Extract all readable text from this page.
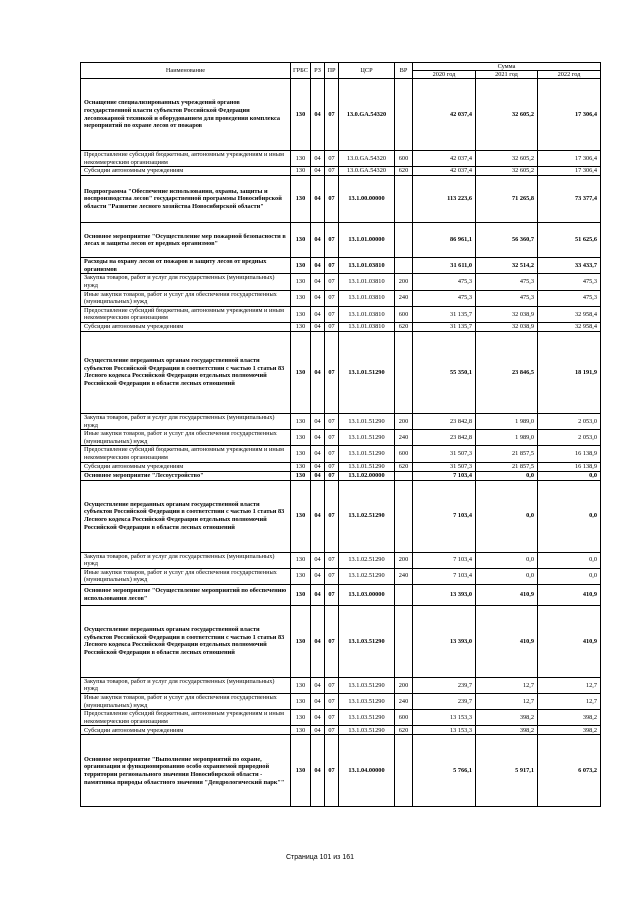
Наименование	ГРБС	РЗ	ПР	ЦСР	ВР	Сумма		
						2020 год	2021 год	2022 год
Оснащение специализированных учреждений органов государственной власти субъектов Российской Федерации лесопожарной техникой и оборудованием для проведения комплекса мероприятий по охране лесов от пожаров	130	04	07	13.0.GA.54320		42 037,4	32 605,2	17 306,4
Предоставление субсидий бюджетным, автономным учреждениям и иным некоммерческим организациям	130	04	07	13.0.GA.54320	600	42 037,4	32 605,2	17 306,4
Субсидии автономным учреждениям	130	04	07	13.0.GA.54320	620	42 037,4	32 605,2	17 306,4
Подпрограмма "Обеспечение использования, охраны, защиты и воспроизводства лесов" государственной программы Новосибирской области "Развитие лесного хозяйства Новосибирской области"	130	04	07	13.1.00.00000		113 223,6	71 265,8	73 377,4
Основное мероприятие "Осуществление мер пожарной безопасности в лесах и защиты лесов от вредных организмов"	130	04	07	13.1.01.00000		86 961,1	56 360,7	51 625,6
Расходы на охрану лесов от пожаров и защиту лесов от вредных организмов	130	04	07	13.1.01.03810		31 611,0	32 514,2	33 433,7
Закупка товаров, работ и услуг для государственных (муниципальных) нужд	130	04	07	13.1.01.03810	200	475,3	475,3	475,3
Иные закупки товаров, работ и услуг для обеспечения государственных (муниципальных) нужд	130	04	07	13.1.01.03810	240	475,3	475,3	475,3
Предоставление субсидий бюджетным, автономным учреждениям и иным некоммерческим организациям	130	04	07	13.1.01.03810	600	31 135,7	32 038,9	32 958,4
Субсидии автономным учреждениям	130	04	07	13.1.01.03810	620	31 135,7	32 038,9	32 958,4
Осуществление переданных органам государственной власти субъектов Российской Федерации в соответствии с частью 1 статьи 83 Лесного кодекса Российской Федерации отдельных полномочий Российской Федерации в области лесных отношений	130	04	07	13.1.01.51290		55 350,1	23 846,5	18 191,9
Закупка товаров, работ и услуг для государственных (муниципальных) нужд	130	04	07	13.1.01.51290	200	23 842,8	1 989,0	2 053,0
Иные закупки товаров, работ и услуг для обеспечения государственных (муниципальных) нужд	130	04	07	13.1.01.51290	240	23 842,8	1 989,0	2 053,0
Предоставление субсидий бюджетным, автономным учреждениям и иным некоммерческим организациям	130	04	07	13.1.01.51290	600	31 507,3	21 857,5	16 138,9
Субсидии автономным учреждениям	130	04	07	13.1.01.51290	620	31 507,3	21 857,5	16 138,9
Основное мероприятие "Лесоустройство"	130	04	07	13.1.02.00000		7 103,4	0,0	0,0
Осуществление переданных органам государственной власти субъектов Российской Федерации в соответствии с частью 1 статьи 83 Лесного кодекса Российской Федерации отдельных полномочий Российской Федерации в области лесных отношений	130	04	07	13.1.02.51290		7 103,4	0,0	0,0
Закупка товаров, работ и услуг для государственных (муниципальных) нужд	130	04	07	13.1.02.51290	200	7 103,4	0,0	0,0
Иные закупки товаров, работ и услуг для обеспечения государственных (муниципальных) нужд	130	04	07	13.1.02.51290	240	7 103,4	0,0	0,0
Основное мероприятие "Осуществление мероприятий по обеспечению использования лесов"	130	04	07	13.1.03.00000		13 393,0	410,9	410,9
Осуществление переданных органам государственной власти субъектов Российской Федерации в соответствии с частью 1 статьи 83 Лесного кодекса Российской Федерации отдельных полномочий Российской Федерации в области лесных отношений	130	04	07	13.1.03.51290		13 393,0	410,9	410,9
Закупка товаров, работ и услуг для государственных (муниципальных) нужд	130	04	07	13.1.03.51290	200	239,7	12,7	12,7
Иные закупки товаров, работ и услуг для обеспечения государственных (муниципальных) нужд	130	04	07	13.1.03.51290	240	239,7	12,7	12,7
Предоставление субсидий бюджетным, автономным учреждениям и иным некоммерческим организациям	130	04	07	13.1.03.51290	600	13 153,3	398,2	398,2
Субсидии автономным учреждениям	130	04	07	13.1.03.51290	620	13 153,3	398,2	398,2
Основное мероприятие "Выполнение мероприятий по охране, организации и функционированию особо охраняемой природной территории регионального значения Новосибирской области - памятника природы областного значения "Дендрологический парк""	130	04	07	13.1.04.00000		5 766,1	5 917,1	6 073,2
Страница 101 из 161
